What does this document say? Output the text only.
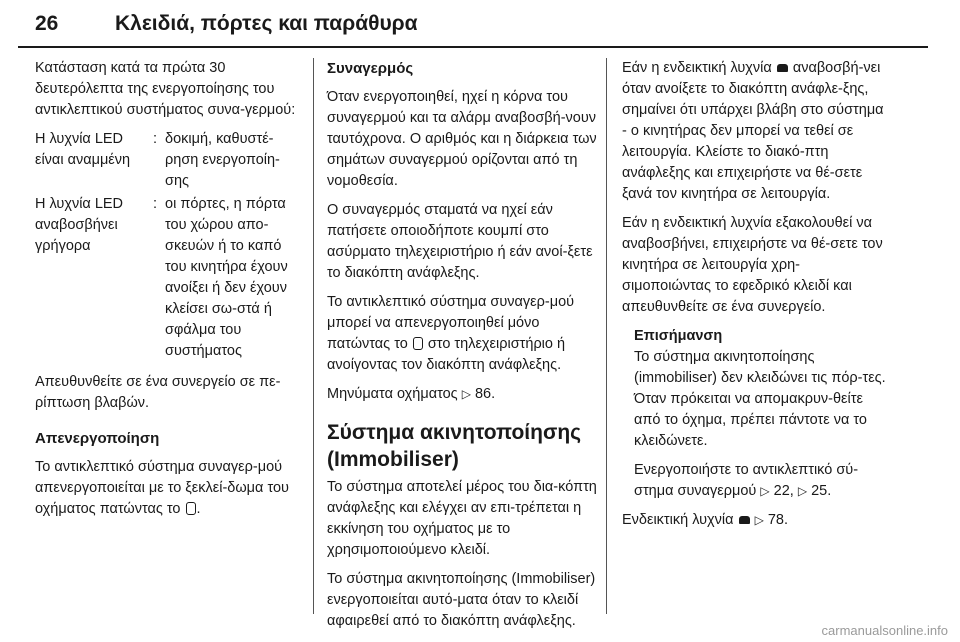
26	Κλειδιά, πόρτες και παράθυρα

Κατάσταση κατά τα πρώτα 30 δευτερόλεπτα της ενεργοποίησης του αντικλεπτικού συστήματος συνα-γερμού:

Η λυχνία LED είναι αναμμένη
: δοκιμή, καθυστέ-ρηση ενεργοποίη-σης
Η λυχνία LED αναβοσβήνει γρήγορα
: οι πόρτες, η πόρτα του χώρου απο-σκευών ή το καπό του κινητήρα έχουν ανοίξει ή δεν έχουν κλείσει σω-στά ή σφάλμα του συστήματος

Απευθυνθείτε σε ένα συνεργείο σε πε-ρίπτωση βλαβών.

Απενεργοποίηση

Το αντικλεπτικό σύστημα συναγερ-μού απενεργοποιείται με το ξεκλεί-δωμα του οχήματος πατώντας το .

Συναγερμός

Όταν ενεργοποιηθεί, ηχεί η κόρνα του συναγερμού και τα αλάρμ αναβοσβή-νουν ταυτόχρονα. Ο αριθμός και η διάρκεια των σημάτων συναγερμού ορίζονται από τη νομοθεσία.

Ο συναγερμός σταματά να ηχεί εάν πατήσετε οποιοδήποτε κουμπί στο ασύρματο τηλεχειριστήριο ή εάν ανοί-ξετε το διακόπτη ανάφλεξης.

Το αντικλεπτικό σύστημα συναγερ-μού μπορεί να απενεργοποιηθεί μόνο πατώντας το στο τηλεχειριστήριο ή ανοίγοντας τον διακόπτη ανάφλεξης.

Μηνύματα οχήματος ▷ 86.

Σύστημα ακινητοποίησης (Immobiliser)

Το σύστημα αποτελεί μέρος του δια-κόπτη ανάφλεξης και ελέγχει αν επι-τρέπεται η εκκίνηση του οχήματος με το χρησιμοποιούμενο κλειδί.

Το σύστημα ακινητοποίησης (Immobiliser) ενεργοποιείται αυτό-ματα όταν το κλειδί αφαιρεθεί από το διακόπτη ανάφλεξης.

Εάν η ενδεικτική λυχνία αναβοσβή-νει όταν ανοίξετε το διακόπτη ανάφλε-ξης, σημαίνει ότι υπάρχει βλάβη στο σύστημα - ο κινητήρας δεν μπορεί να τεθεί σε λειτουργία. Κλείστε το διακό-πτη ανάφλεξης και επιχειρήστε να θέ-σετε ξανά τον κινητήρα σε λειτουργία.

Εάν η ενδεικτική λυχνία εξακολουθεί να αναβοσβήνει, επιχειρήστε να θέ-σετε τον κινητήρα σε λειτουργία χρη-σιμοποιώντας το εφεδρικό κλειδί και απευθυνθείτε σε ένα συνεργείο.

Επισήμανση

Το σύστημα ακινητοποίησης (immobiliser) δεν κλειδώνει τις πόρ-τες. Όταν πρόκειται να απομακρυν-θείτε από το όχημα, πρέπει πάντοτε να το κλειδώνετε.

Ενεργοποιήστε το αντικλεπτικό σύ-στημα συναγερμού ▷ 22, ▷ 25.

Ενδεικτική λυχνία ▷ 78.

carmanualsonline.info
